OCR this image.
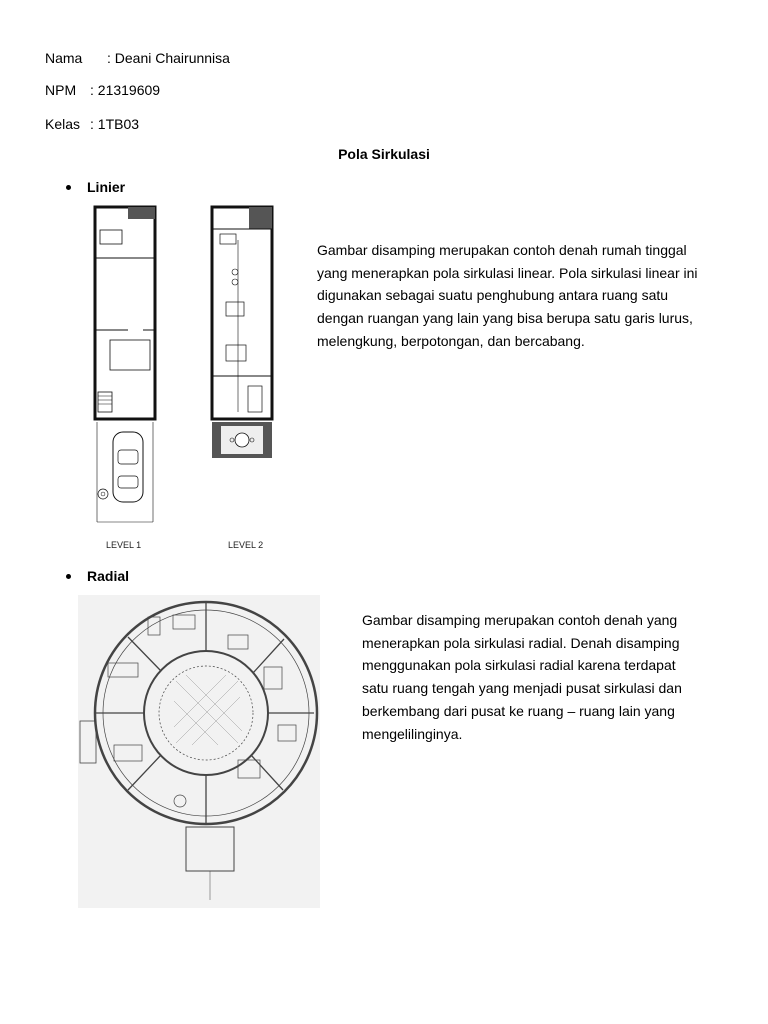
Nama : Deani Chairunnisa
NPM : 21319609
Kelas : 1TB03
Pola Sirkulasi
Linier
LEVEL 1	LEVEL 2
Gambar disamping merupakan contoh denah rumah tinggal
yang menerapkan pola sirkulasi linear. Pola sirkulasi linear ini
digunakan sebagai suatu penghubung antara ruang satu
dengan ruangan yang lain yang bisa berupa satu garis lurus,
melengkung, berpotongan, dan bercabang.
Radial
Gambar disamping merupakan contoh denah yang
menerapkan pola sirkulasi radial. Denah disamping
menggunakan pola sirkulasi radial karena terdapat
satu ruang tengah yang menjadi pusat sirkulasi dan
berkembang dari pusat ke ruang – ruang lain yang
mengelilinginya.
